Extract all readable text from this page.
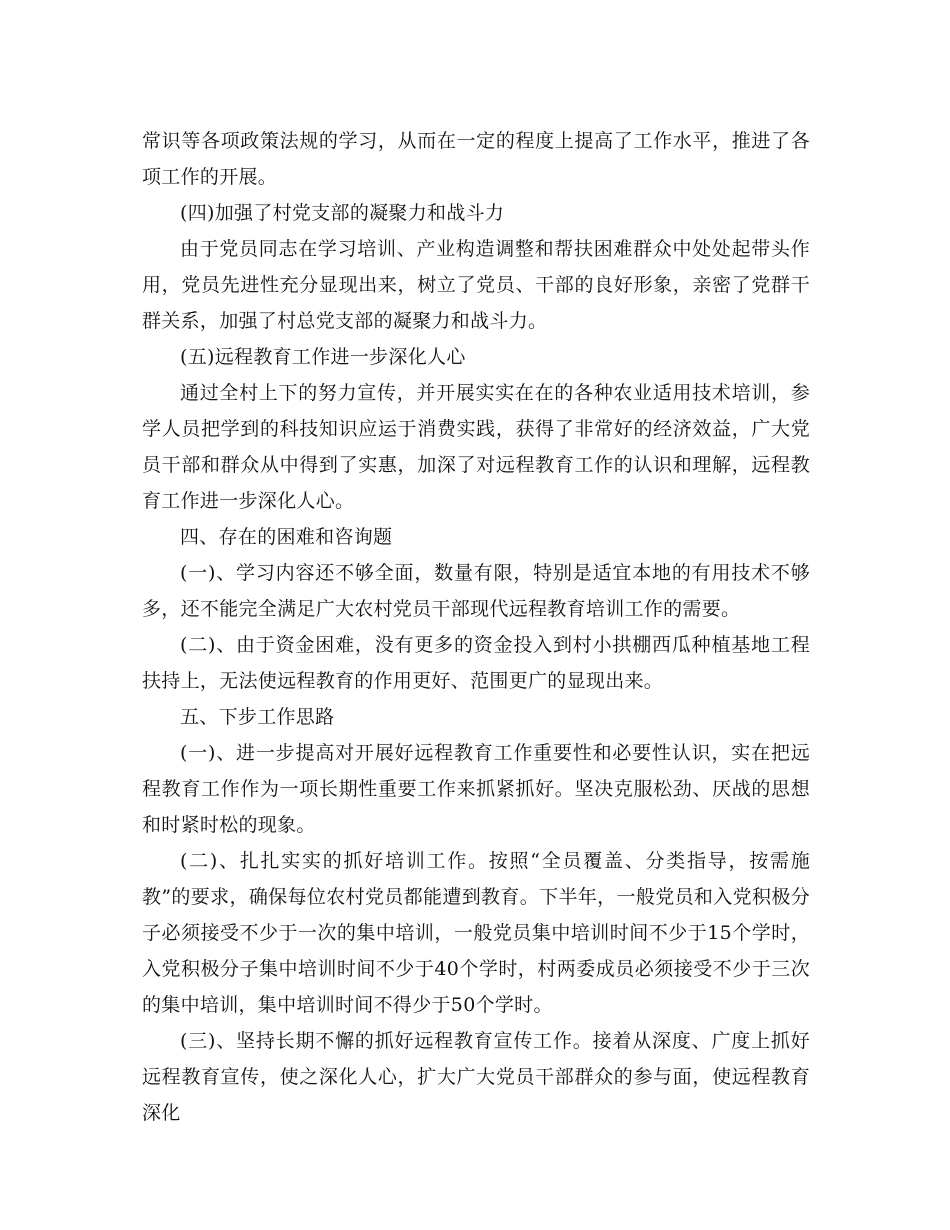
常识等各项政策法规的学习，从而在一定的程度上提高了工作水平，推进了各项工作的开展。

(四)加强了村党支部的凝聚力和战斗力

由于党员同志在学习培训、产业构造调整和帮扶困难群众中处处起带头作用，党员先进性充分显现出来，树立了党员、干部的良好形象，亲密了党群干群关系，加强了村总党支部的凝聚力和战斗力。

(五)远程教育工作进一步深化人心

通过全村上下的努力宣传，并开展实实在在的各种农业适用技术培训，参学人员把学到的科技知识应运于消费实践，获得了非常好的经济效益，广大党员干部和群众从中得到了实惠，加深了对远程教育工作的认识和理解，远程教育工作进一步深化人心。

四、存在的困难和咨询题

(一)、学习内容还不够全面，数量有限，特别是适宜本地的有用技术不够多，还不能完全满足广大农村党员干部现代远程教育培训工作的需要。

(二)、由于资金困难，没有更多的资金投入到村小拱棚西瓜种植基地工程扶持上，无法使远程教育的作用更好、范围更广的显现出来。

五、下步工作思路

(一)、进一步提高对开展好远程教育工作重要性和必要性认识，实在把远程教育工作作为一项长期性重要工作来抓紧抓好。坚决克服松劲、厌战的思想和时紧时松的现象。

(二)、扎扎实实的抓好培训工作。按照“全员覆盖、分类指导，按需施教”的要求，确保每位农村党员都能遭到教育。下半年，一般党员和入党积极分子必须接受不少于一次的集中培训，一般党员集中培训时间不少于15个学时，入党积极分子集中培训时间不少于40个学时，村两委成员必须接受不少于三次的集中培训，集中培训时间不得少于50个学时。

(三)、坚持长期不懈的抓好远程教育宣传工作。接着从深度、广度上抓好远程教育宣传，使之深化人心，扩大广大党员干部群众的参与面，使远程教育深化
